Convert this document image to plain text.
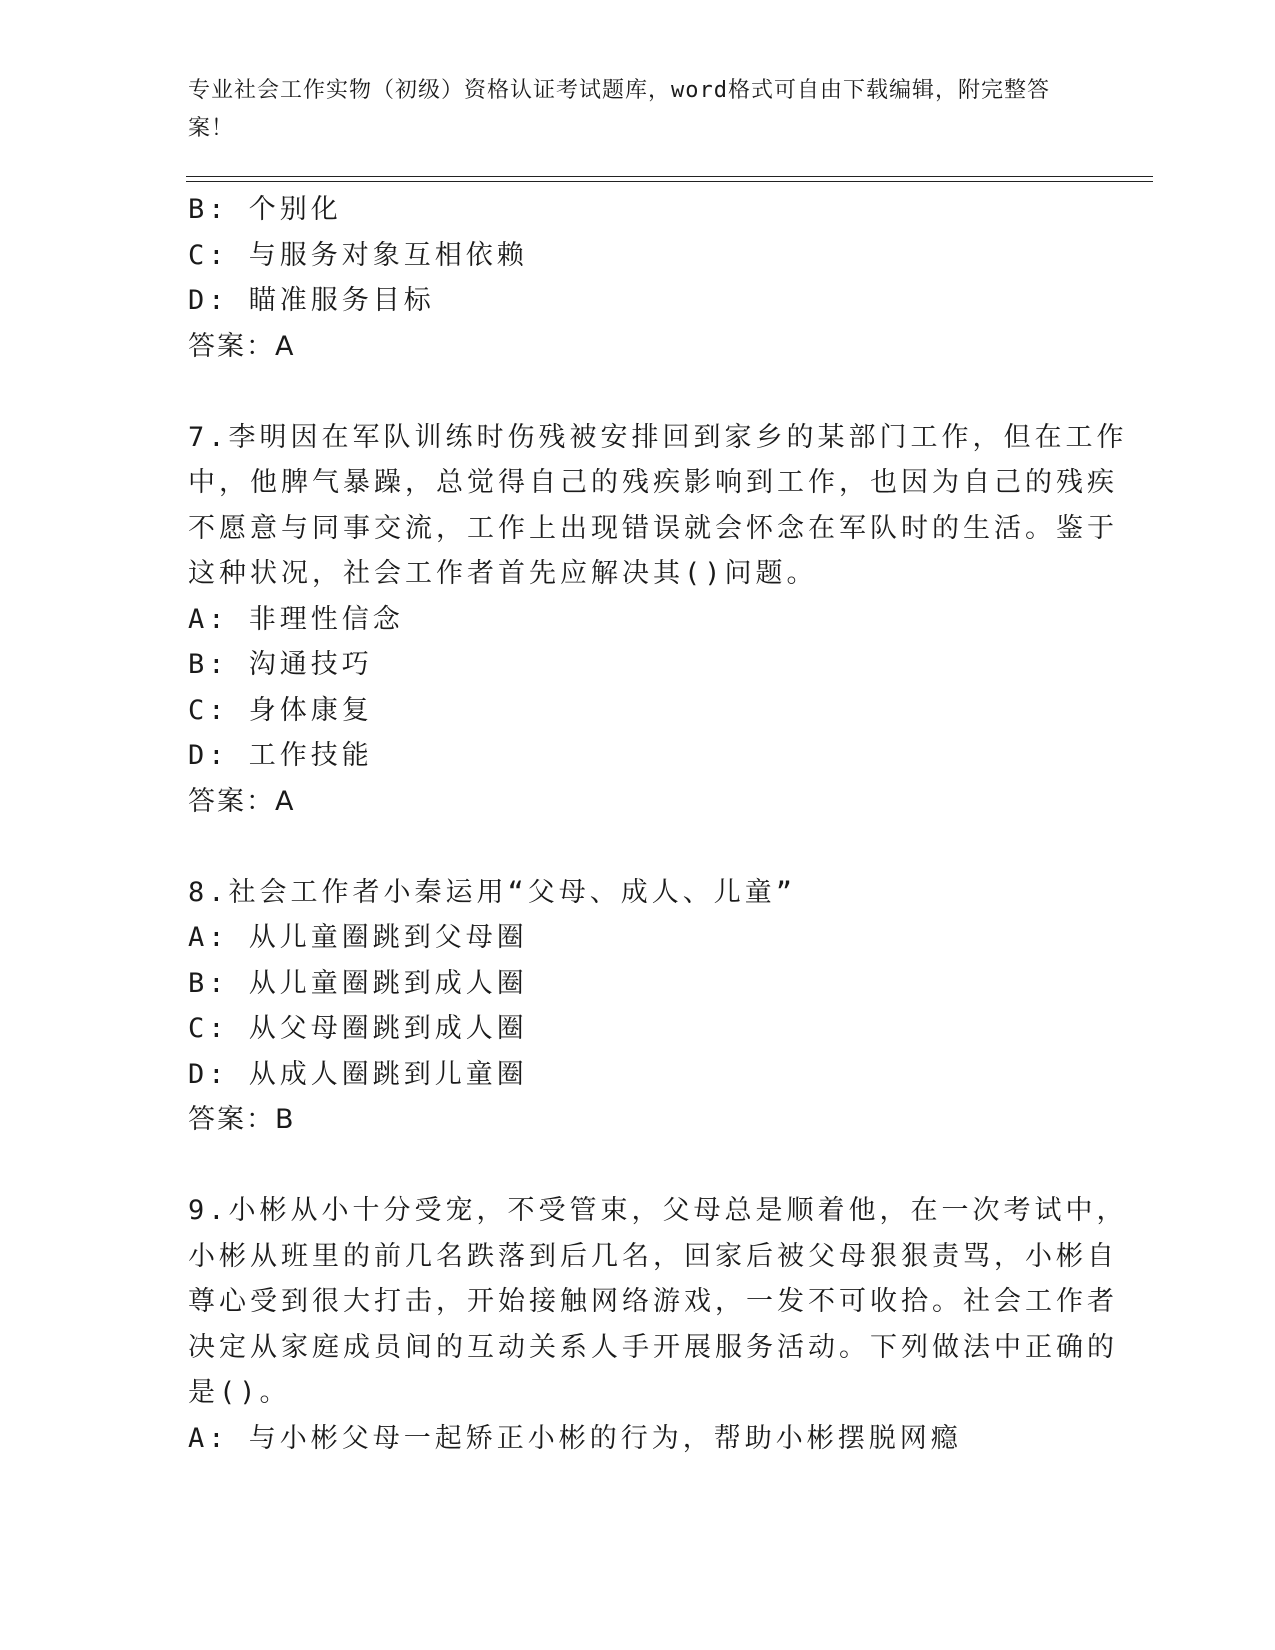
专业社会工作实物（初级）资格认证考试题库，word格式可自由下载编辑，附完整答案！
B: 个别化
C: 与服务对象互相依赖
D: 瞄准服务目标
答案：A
7.李明因在军队训练时伤残被安排回到家乡的某部门工作，但在工作
中，他脾气暴躁，总觉得自己的残疾影响到工作，也因为自己的残疾
不愿意与同事交流，工作上出现错误就会怀念在军队时的生活。鉴于
这种状况，社会工作者首先应解决其()问题。
A: 非理性信念
B: 沟通技巧
C: 身体康复
D: 工作技能
答案：A
8.社会工作者小秦运用“父母、成人、儿童”
A: 从儿童圈跳到父母圈
B: 从儿童圈跳到成人圈
C: 从父母圈跳到成人圈
D: 从成人圈跳到儿童圈
答案：B
9.小彬从小十分受宠，不受管束，父母总是顺着他，在一次考试中，
小彬从班里的前几名跌落到后几名，回家后被父母狠狠责骂，小彬自
尊心受到很大打击，开始接触网络游戏，一发不可收拾。社会工作者
决定从家庭成员间的互动关系人手开展服务活动。下列做法中正确的
是()。
A: 与小彬父母一起矫正小彬的行为，帮助小彬摆脱网瘾
